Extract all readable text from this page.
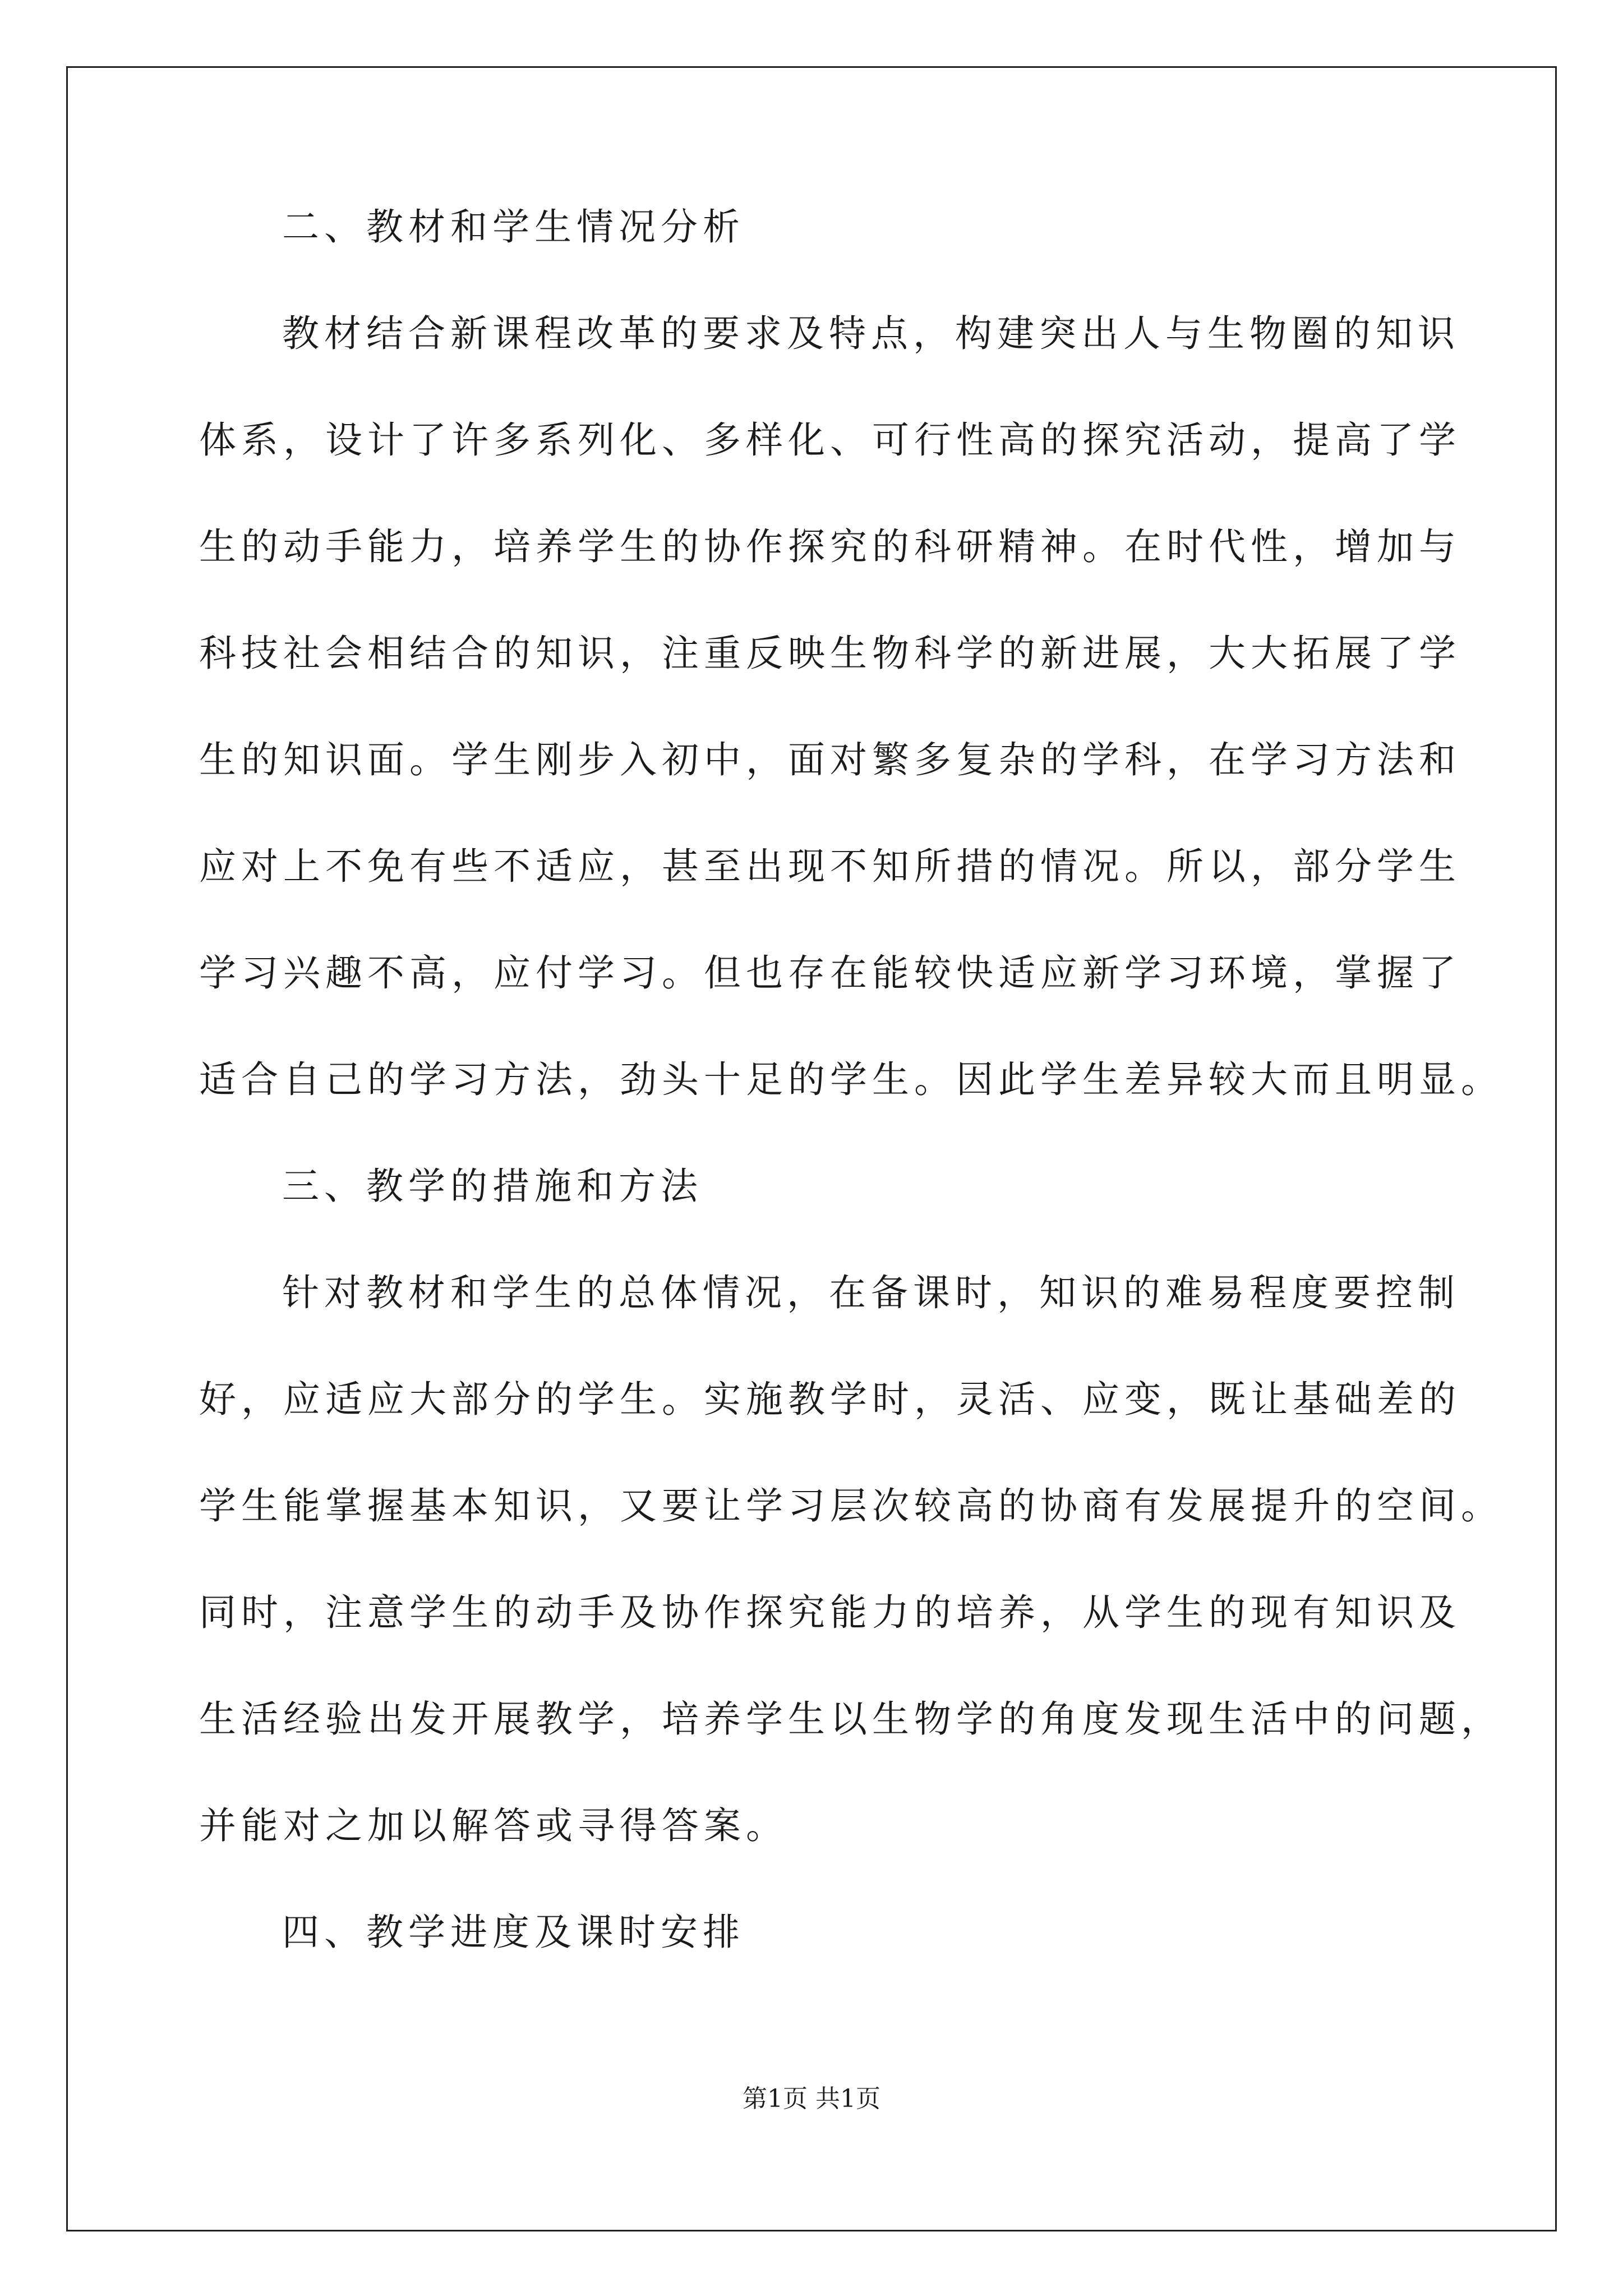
二、教材和学生情况分析
教材结合新课程改革的要求及特点，构建突出人与生物圈的知识
体系，设计了许多系列化、多样化、可行性高的探究活动，提高了学
生的动手能力，培养学生的协作探究的科研精神。在时代性，增加与
科技社会相结合的知识，注重反映生物科学的新进展，大大拓展了学
生的知识面。学生刚步入初中，面对繁多复杂的学科，在学习方法和
应对上不免有些不适应，甚至出现不知所措的情况。所以，部分学生
学习兴趣不高，应付学习。但也存在能较快适应新学习环境，掌握了
适合自己的学习方法，劲头十足的学生。因此学生差异较大而且明显。
三、教学的措施和方法
针对教材和学生的总体情况，在备课时，知识的难易程度要控制
好，应适应大部分的学生。实施教学时，灵活、应变，既让基础差的
学生能掌握基本知识，又要让学习层次较高的协商有发展提升的空间。
同时，注意学生的动手及协作探究能力的培养，从学生的现有知识及
生活经验出发开展教学，培养学生以生物学的角度发现生活中的问题，
并能对之加以解答或寻得答案。
四、教学进度及课时安排
第1页 共1页
